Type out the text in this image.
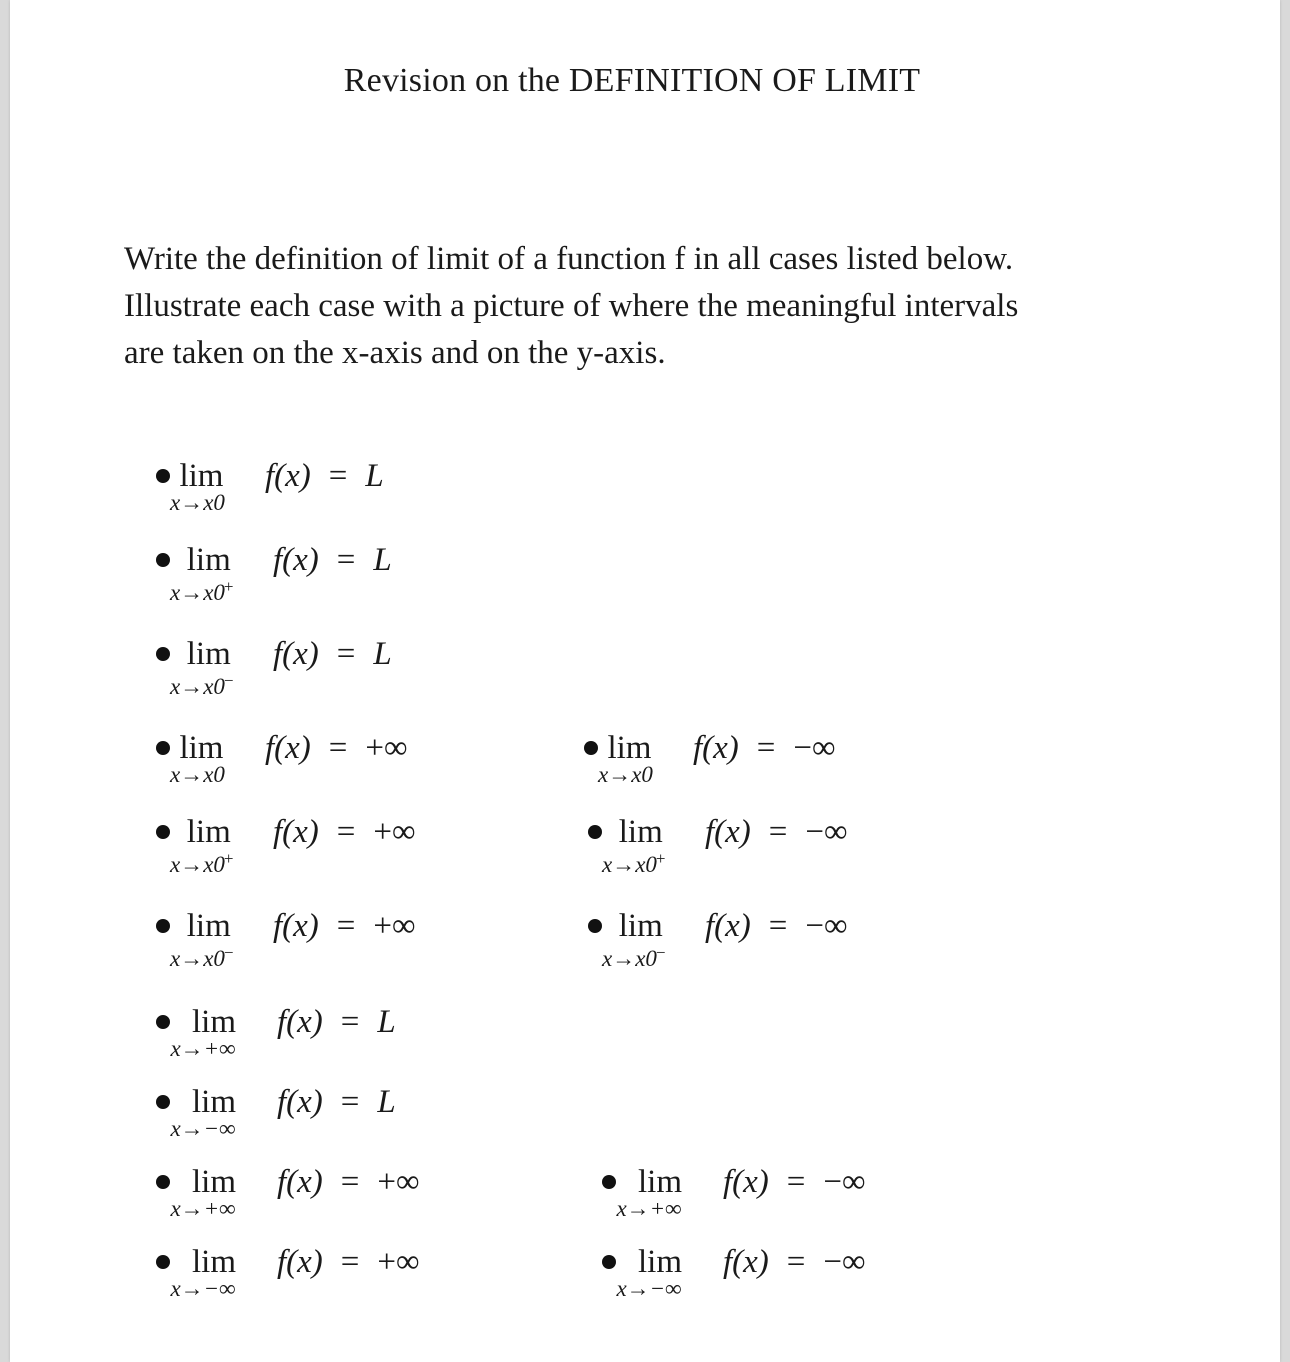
Revision on the DEFINITION OF LIMIT
Write the definition of limit of a function f in all cases listed below.
Illustrate each case with a picture of where the meaningful intervals
are taken on the x-axis and on the y-axis.
lim
x→x0
f(x) = L
lim
x→x0+
f(x) = L
lim
x→x0−
f(x) = L
lim
x→x0
f(x) = +∞	lim
x→x0
f(x) = −∞
lim
x→x0+
f(x) = +∞	lim
x→x0+
f(x) = −∞
lim
x→x0−
f(x) = +∞	lim
x→x0−
f(x) = −∞
lim
x→+∞
f(x) = L
lim
x→−∞
f(x) = L
lim
x→+∞
f(x) = +∞	lim
x→+∞
f(x) = −∞
lim
x→−∞
f(x) = +∞	lim
x→−∞
f(x) = −∞
